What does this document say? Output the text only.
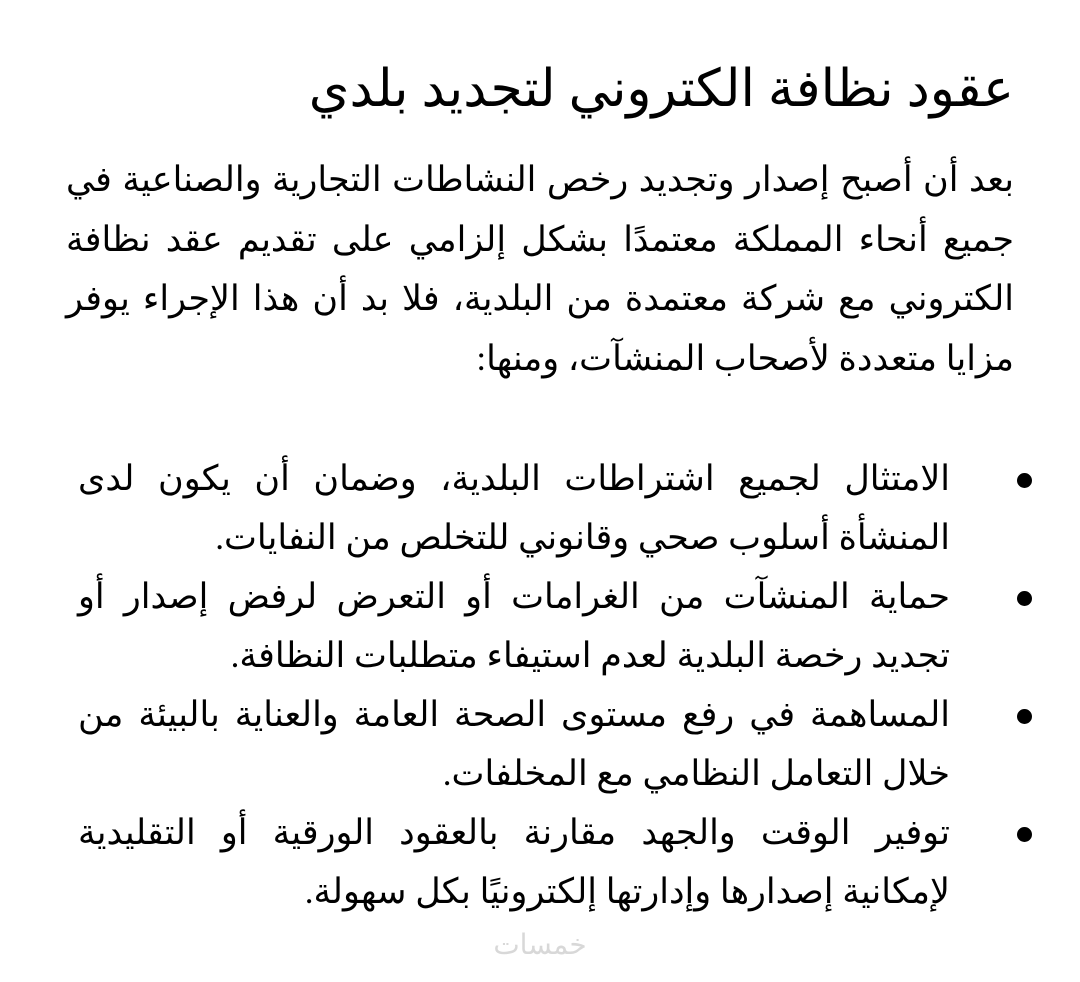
عقود نظافة الكتروني لتجديد بلدي

بعد أن أصبح إصدار وتجديد رخص النشاطات التجارية والصناعية في جميع أنحاء المملكة معتمدًا بشكل إلزامي على تقديم عقد نظافة الكتروني مع شركة معتمدة من البلدية، فلا بد أن هذا الإجراء يوفر مزايا متعددة لأصحاب المنشآت، ومنها:

الامتثال لجميع اشتراطات البلدية، وضمان أن يكون لدى المنشأة أسلوب صحي وقانوني للتخلص من النفايات.
حماية المنشآت من الغرامات أو التعرض لرفض إصدار أو تجديد رخصة البلدية لعدم استيفاء متطلبات النظافة.
المساهمة في رفع مستوى الصحة العامة والعناية بالبيئة من خلال التعامل النظامي مع المخلفات.
توفير الوقت والجهد مقارنة بالعقود الورقية أو التقليدية لإمكانية إصدارها وإدارتها إلكترونيًا بكل سهولة.
خمسات
